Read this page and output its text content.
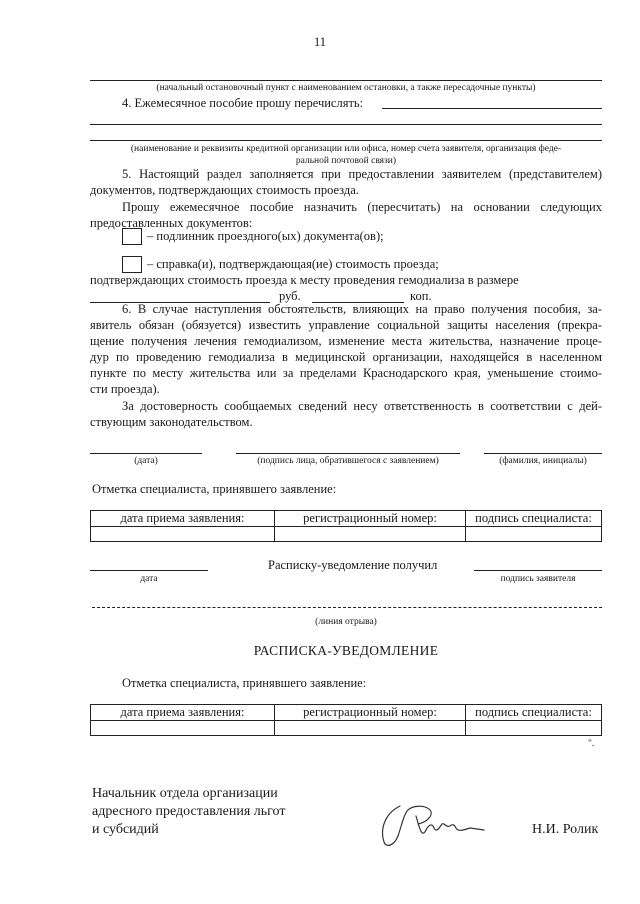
11
(начальный остановочный пункт с наименованием остановки, а также пересадочные пункты)
4. Ежемесячное пособие прошу перечислять:
(наименование и реквизиты кредитной организации или офиса, номер счета заявителя, организация феде-
ральной почтовой связи)
5. Настоящий раздел заполняется при предоставлении заявителем (представителем)
документов, подтверждающих стоимость проезда.
Прошу ежемесячное пособие назначить (пересчитать) на основании следующих
предоставленных документов:
– подлинник проездного(ых) документа(ов);
– справка(и), подтверждающая(ие) стоимость проезда;
подтверждающих стоимость проезда к месту проведения гемодиализа в размере
руб.	коп.
6. В случае наступления обстоятельств, влияющих на право получения пособия, за-
явитель обязан (обязуется) известить управление социальной защиты населения (прекра-
щение получения лечения гемодиализом, изменение места жительства, назначение проце-
дур по проведению гемодиализа в медицинской организации, находящейся в населенном
пункте по месту жительства или за пределами Краснодарского края, уменьшение стоимо-
сти проезда).
За достоверность сообщаемых сведений несу ответственность в соответствии с дей-
ствующим законодательством.
(дата)	(подпись лица, обратившегося с заявлением)	(фамилия, инициалы)
Отметка специалиста, принявшего заявление:
дата приема заявления:	регистрационный номер:	подпись специалиста:

Расписку-уведомление получил
дата	подпись заявителя
(линия отрыва)
РАСПИСКА-УВЕДОМЛЕНИЕ
Отметка специалиста, принявшего заявление:
дата приема заявления:	регистрационный номер:	подпись специалиста:

".
Начальник отдела организации
адресного предоставления льгот
и субсидий	Н.И. Ролик
